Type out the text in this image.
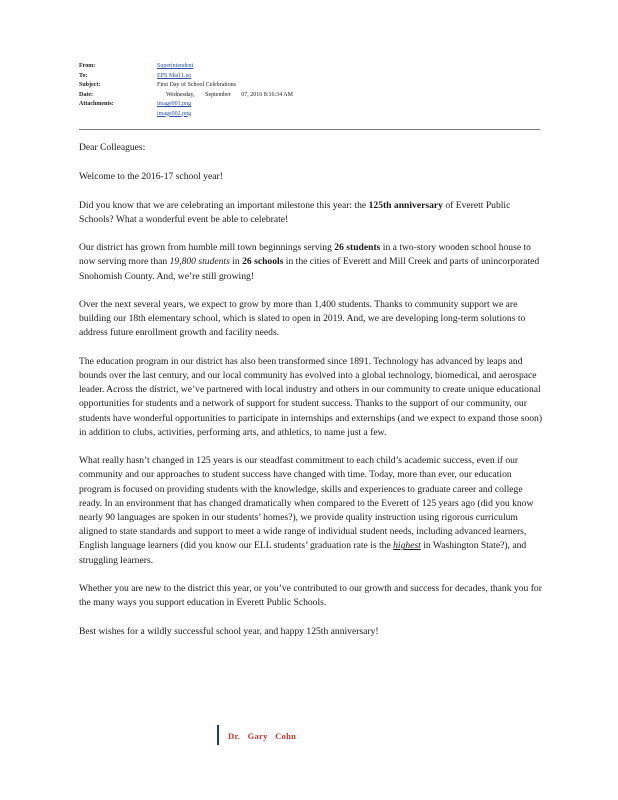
From:	Superintendent
To:	EPS Mail List
Subject:	First Day of School Celebrations
Date:	Wednesday, September 07, 2016 8:16:34 AM
Attachments:	image001.png
image002.png

Dear Colleagues:

Welcome to the 2016-17 school year!

Did you know that we are celebrating an important milestone this year: the 125th anniversary of Everett Public Schools? What a wonderful event be able to celebrate!

Our district has grown from humble mill town beginnings serving 26 students in a two-story wooden school house to now serving more than 19,800 students in 26 schools in the cities of Everett and Mill Creek and parts of unincorporated Snohomish County. And, we’re still growing!

Over the next several years, we expect to grow by more than 1,400 students. Thanks to community support we are building our 18th elementary school, which is slated to open in 2019. And, we are developing long-term solutions to address future enrollment growth and facility needs.

The education program in our district has also been transformed since 1891. Technology has advanced by leaps and bounds over the last century, and our local community has evolved into a global technology, biomedical, and aerospace leader. Across the district, we’ve partnered with local industry and others in our community to create unique educational opportunities for students and a network of support for student success. Thanks to the support of our community, our students have wonderful opportunities to participate in internships and externships (and we expect to expand those soon) in addition to clubs, activities, performing arts, and athletics, to name just a few.

What really hasn’t changed in 125 years is our steadfast commitment to each child’s academic success, even if our community and our approaches to student success have changed with time. Today, more than ever, our education program is focused on providing students with the knowledge, skills and experiences to graduate career and college ready. In an environment that has changed dramatically when compared to the Everett of 125 years ago (did you know nearly 90 languages are spoken in our students’ homes?), we provide quality instruction using rigorous curriculum aligned to state standards and support to meet a wide range of individual student needs, including advanced learners, English language learners (did you know our ELL students’ graduation rate is the highest in Washington State?), and struggling learners.

Whether you are new to the district this year, or you’ve contributed to our growth and success for decades, thank you for the many ways you support education in Everett Public Schools.

Best wishes for a wildly successful school year, and happy 125th anniversary!

Dr. Gary Cohn
